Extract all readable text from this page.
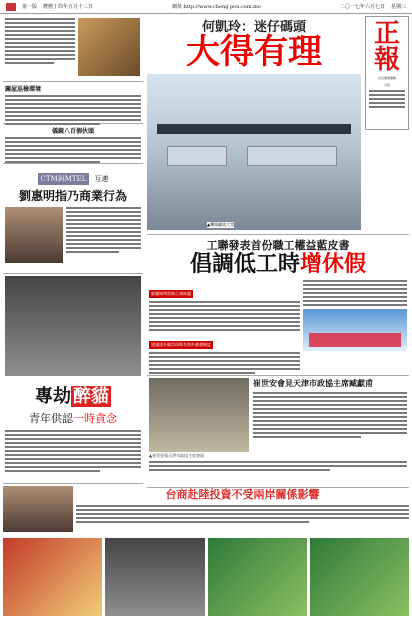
第一版 農曆丁酉年五月十三日	網址 http://www.cheng pou.com.mo	二〇一七年六月七日 星期三
關屋巡檢環境
儀鏡八百個伙頭
CTM與MTEL 互連
劉惠明指乃商業行為
專劫 醉貓
青年供認一時貪念
何凱玲：迷仔碼頭
大得有理
▲機場離境大堂
正
報
社長兼總編輯
出版
工聯發表首份職工權益藍皮書
倡調低工時增休假
僱傭條例需修正補缺漏
建議境外僱員保障有海外僱庸制度
崔世安會見天津市政協主席臧獻甫
▲崔世安與天津市政協主席會面
台商赴陸投資不受兩岸關係影響
